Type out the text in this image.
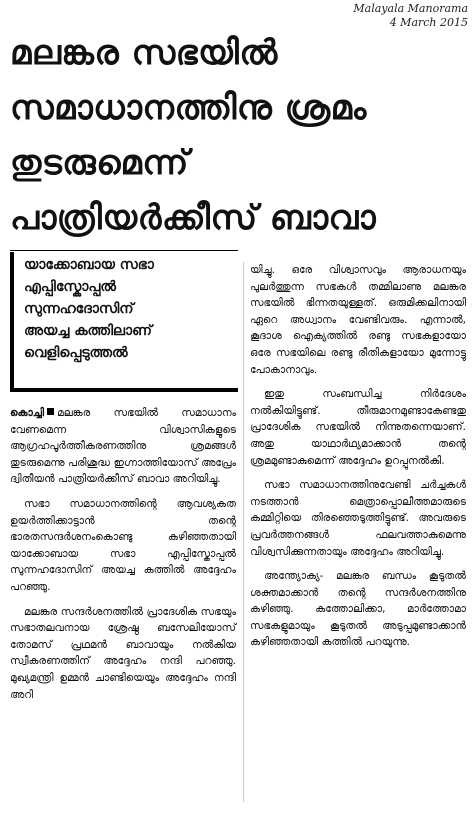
Malayala Manorama
4 March 2015
മലങ്കര സഭയിൽ
സമാധാനത്തിനു ശ്രമം
തുടരുമെന്ന്
പാത്രിയർക്കീസ് ബാവാ
യാക്കോബായ സഭാ
എപ്പിസ്കോപ്പൽ
സുന്നഹദോസിന്
അയച്ച കത്തിലാണ്
വെളിപ്പെടുത്തൽ

കൊച്ചി മലങ്കര സഭയിൽ സമാധാനം വേണമെന്ന വിശ്വാസികളുടെ ആഗ്രഹപൂർത്തീകരണത്തിനു ശ്രമങ്ങൾ തുടരുമെന്നു പരിശുദ്ധ ഇഗ്നാത്തിയോസ് അപ്രേം ദ്വിതീയൻ പാത്രിയർക്കീസ് ബാവാ അറിയിച്ചു.

സഭാ സമാധാനത്തിന്റെ ആവശ്യകത ഉയർത്തിക്കാട്ടാൻ തന്റെ ഭാരതസന്ദർശനംകൊണ്ടു കഴിഞ്ഞതായി യാക്കോബായ സഭാ എപ്പിസ്കോപ്പൽ സുന്നഹദോസിന് അയച്ച കത്തിൽ അദ്ദേഹം പറഞ്ഞു.

മലങ്കര സന്ദർശനത്തിൽ പ്രാദേശിക സഭയും സഭാതലവനായ ശ്രേഷ്ഠ ബസേലിയോസ് തോമസ് പ്രഥമൻ ബാവായും നൽകിയ സ്വീകരണത്തിന് അദ്ദേഹം നന്ദി പറഞ്ഞു. മുഖ്യമന്ത്രി ഉമ്മൻ ചാണ്ടിയെയും അദ്ദേഹം നന്ദി അറി

യിച്ചു. ഒരേ വിശ്വാസവും ആരാധനയും പുലർത്തുന്ന സഭകൾ തമ്മിലാണു മലങ്കര സഭയിൽ ഭിന്നതയുള്ളത്. ഒരുമിക്കലിനായി ഏറെ അധ്വാനം വേണ്ടിവരും. എന്നാൽ, കൂദാശ ഐക്യത്തിൽ രണ്ടു സഭകളായോ ഒരേ സഭയിലെ രണ്ടു രീതികളായോ മുന്നോട്ടു പോകാനാവും.

ഇതു സംബന്ധിച്ച നിർദേശം നൽകിയിട്ടുണ്ട്. തീരുമാനമുണ്ടാകേണ്ടതു പ്രാദേശിക സഭയിൽ നിന്നുതന്നെയാണ്. അതു യാഥാർഥ്യമാക്കാൻ തന്റെ ശ്രമമുണ്ടാകുമെന്ന് അദ്ദേഹം ഉറപ്പുനൽകി.

സഭാ സമാധാനത്തിനുവേണ്ടി ചർച്ചകൾ നടത്താൻ മെത്രാപ്പൊലീത്തമാരുടെ കമ്മിറ്റിയെ തിരഞ്ഞെടുത്തിട്ടുണ്ട്. അവരുടെ പ്രവർത്തനങ്ങൾ ഫലവത്താകുമെന്നു വിശ്വസിക്കുന്നതായും അദ്ദേഹം അറിയിച്ചു.

അന്ത്യോക്യ- മലങ്കര ബന്ധം കൂടുതൽ ശക്തമാക്കാൻ തന്റെ സന്ദർശനത്തിനു കഴിഞ്ഞു. കത്തോലിക്കാ, മാർത്തോമാ സഭകളുമായും കൂടുതൽ അടുപ്പമുണ്ടാക്കാൻ കഴിഞ്ഞതായി കത്തിൽ പറയുന്നു.
